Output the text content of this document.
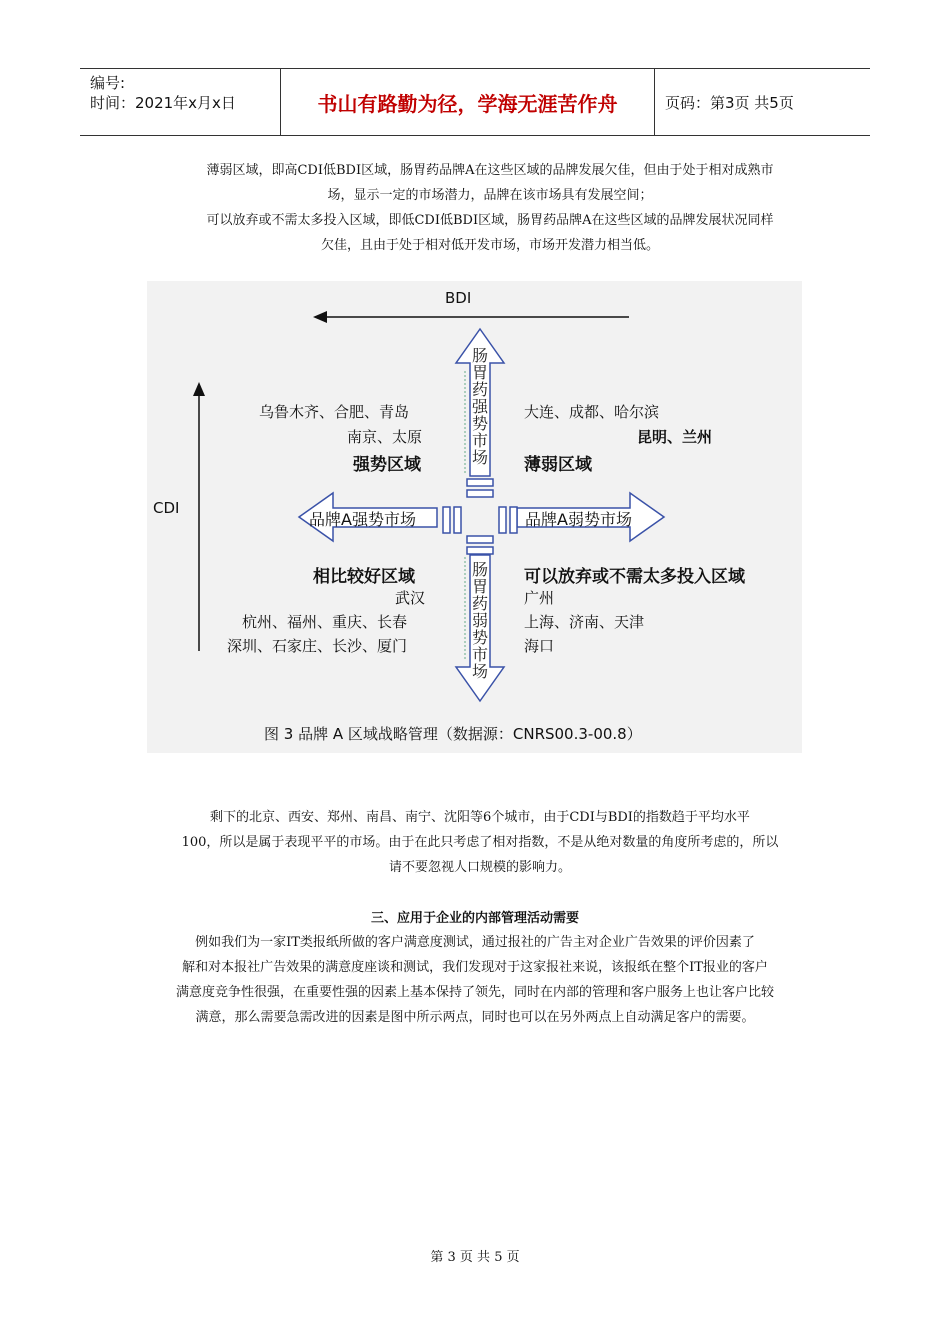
编号:
时间：2021年x月x日	书山有路勤为径，学海无涯苦作舟	页码：第3页 共5页
薄弱区域，即高CDI低BDI区域，肠胃药品牌A在这些区域的品牌发展欠佳，但由于处于相对成熟市
场，显示一定的市场潜力，品牌在该市场具有发展空间；
可以放弃或不需太多投入区域，即低CDI低BDI区域，肠胃药品牌A在这些区域的品牌发展状况同样
欠佳，且由于处于相对低开发市场，市场开发潜力相当低。
BDI
CDI
肠胃药强势市场
肠胃药弱势市场
品牌A强势市场	品牌A弱势市场
乌鲁木齐、合肥、青岛
南京、太原
强势区域
大连、成都、哈尔滨
昆明、兰州
薄弱区域
相比较好区域
武汉
杭州、福州、重庆、长春
深圳、石家庄、长沙、厦门
可以放弃或不需太多投入区域
广州
上海、济南、天津
海口
图 3 品牌 A 区域战略管理（数据源：CNRS00.3-00.8）
剩下的北京、西安、郑州、南昌、南宁、沈阳等6个城市，由于CDI与BDI的指数趋于平均水平
100，所以是属于表现平平的市场。由于在此只考虑了相对指数，不是从绝对数量的角度所考虑的，所以
请不要忽视人口规模的影响力。
三、应用于企业的内部管理活动需要
例如我们为一家IT类报纸所做的客户满意度测试，通过报社的广告主对企业广告效果的评价因素了
解和对本报社广告效果的满意度座谈和测试，我们发现对于这家报社来说，该报纸在整个IT报业的客户
满意度竞争性很强，在重要性强的因素上基本保持了领先，同时在内部的管理和客户服务上也让客户比较
满意，那么需要急需改进的因素是图中所示两点，同时也可以在另外两点上自动满足客户的需要。
第 3 页 共 5 页
